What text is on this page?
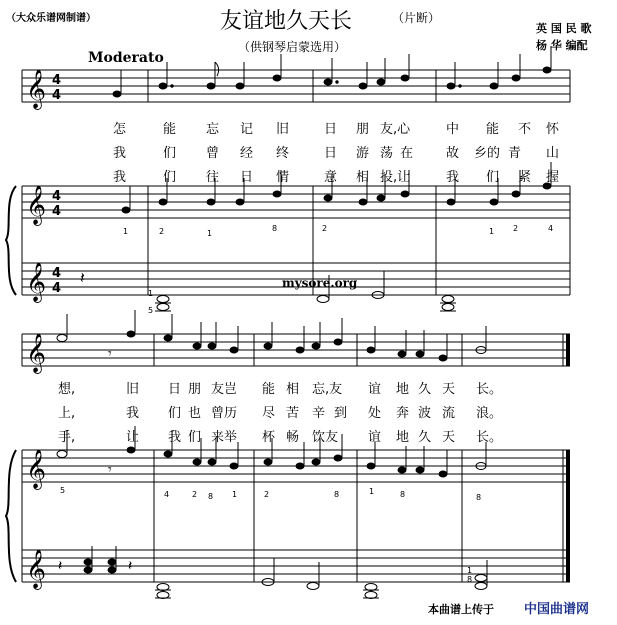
（大众乐谱网制谱）	友谊地久天长	（片断）
（供钢琴启蒙选用）
英 国 民 歌
杨 华 编配
Moderato
𝄞
𝄞
𝄞
𝄞
𝄞
𝄞
4
4
4
4
4
4
𝄽
𝄾
𝄾
𝄽	𝄽
1	2	1
8	2	1 2	4
1
5
5	4	2 8 1	2	8	1	8	8
1
8
mysore.org
怎	能 忘 记 旧	日 朋 友,心	中 能 不 怀
我	们 曾 经 终	日 游 荡 在	故 乡的 青 山
我	们 往 日 情	意 相 投,让	我 们 紧 握
想,	旧 日 朋 友岂 能 相 忘,友 谊 地 久 天 长。
上,	我 们 也 曾历 尽 苦 辛 到 处 奔 波 流 浪。
手,	让 我 们 来举 杯 畅 饮友 谊 地 久 天 长。
本曲谱上传于 中国曲谱网
